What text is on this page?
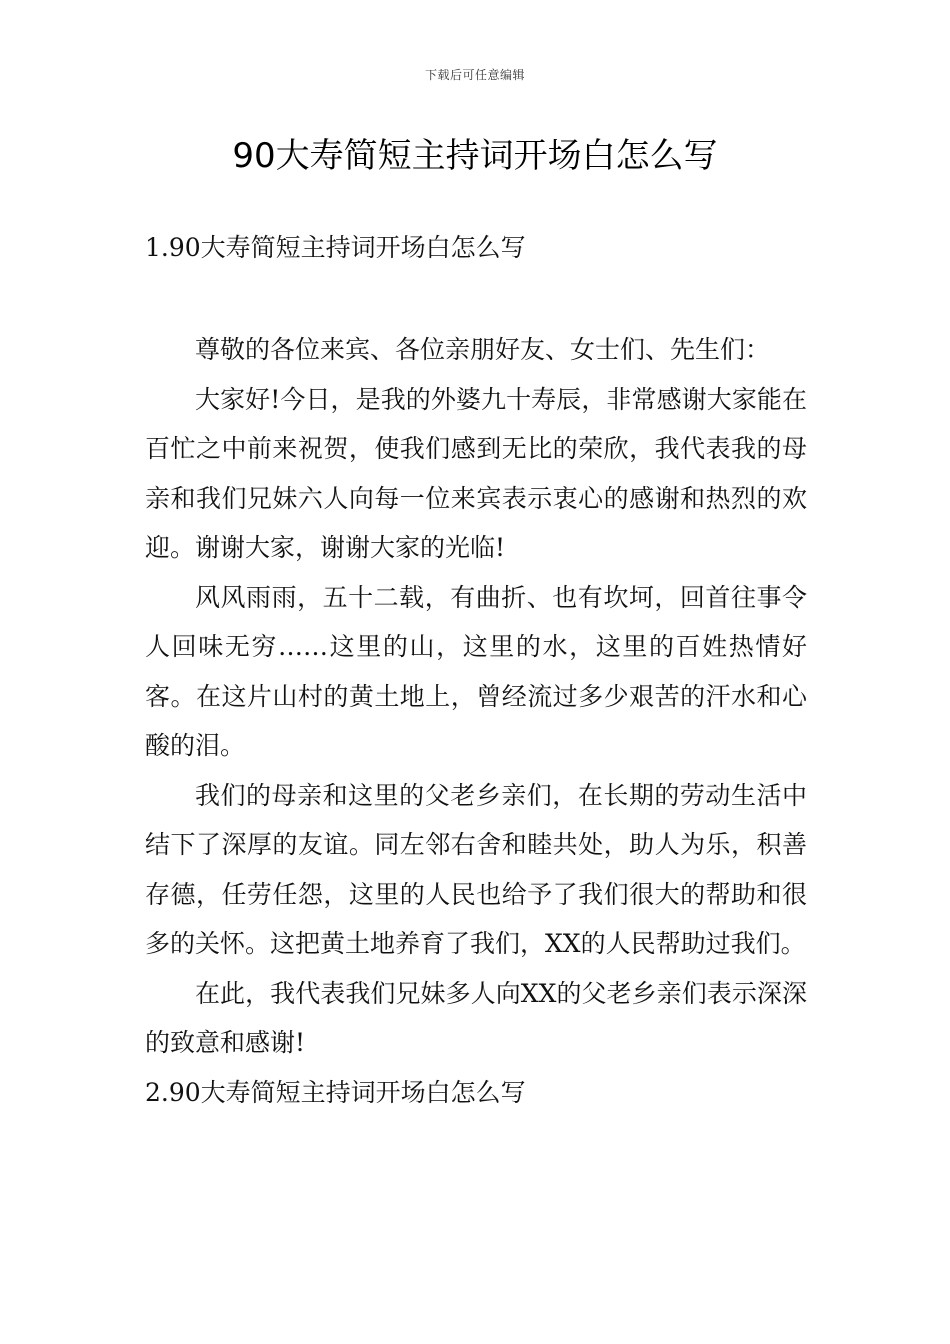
下载后可任意编辑
90大寿简短主持词开场白怎么写

1.90大寿简短主持词开场白怎么写

尊敬的各位来宾、各位亲朋好友、女士们、先生们：

大家好!今日，是我的外婆九十寿辰，非常感谢大家能在百忙之中前来祝贺，使我们感到无比的荣欣，我代表我的母亲和我们兄妹六人向每一位来宾表示衷心的感谢和热烈的欢迎。谢谢大家，谢谢大家的光临!

风风雨雨，五十二载，有曲折、也有坎坷，回首往事令人回味无穷……这里的山，这里的水，这里的百姓热情好客。在这片山村的黄土地上，曾经流过多少艰苦的汗水和心酸的泪。

我们的母亲和这里的父老乡亲们，在长期的劳动生活中结下了深厚的友谊。同左邻右舍和睦共处，助人为乐，积善存德，任劳任怨，这里的人民也给予了我们很大的帮助和很多的关怀。这把黄土地养育了我们，XX的人民帮助过我们。

在此，我代表我们兄妹多人向XX的父老乡亲们表示深深的致意和感谢!

2.90大寿简短主持词开场白怎么写
